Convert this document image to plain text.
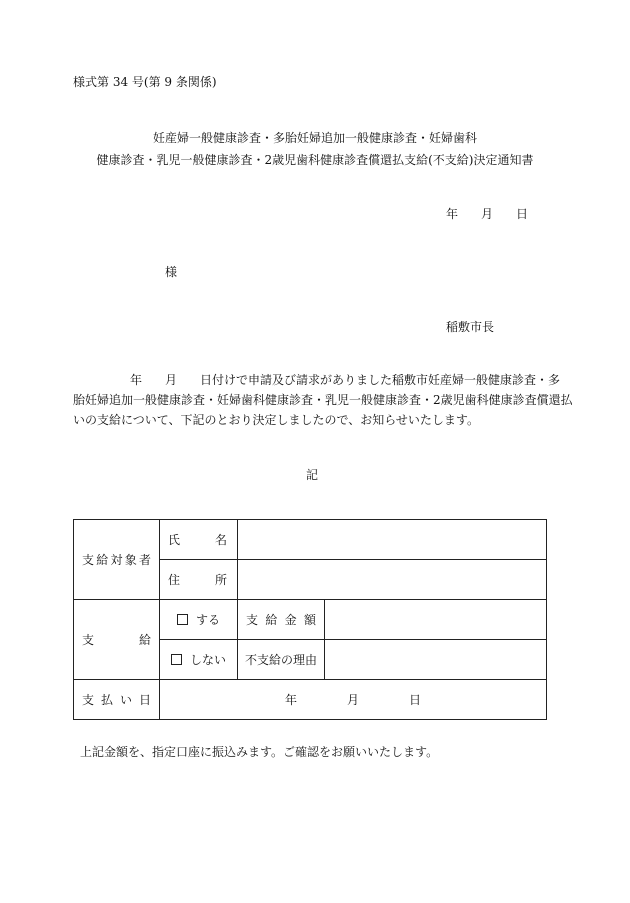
様式第 34 号(第 9 条関係)
妊産婦一般健康診査・多胎妊婦追加一般健康診査・妊婦歯科
健康診査・乳児一般健康診査・2歳児歯科健康診査償還払支給(不支給)決定通知書
年 月 日
様
稲敷市長
年 月 日付けで申請及び請求がありました稲敷市妊産婦一般健康診査・多
胎妊婦追加一般健康診査・妊婦歯科健康診査・乳児一般健康診査・2歳児歯科健康診査償還払
いの支給について、下記のとおり決定しましたので、お知らせいたします。
記
支 給 対 象 者	氏 名		

	住 所		

支 給	する	支 給 金 額	

	しない	不支給の理由	

支 払 い 日	年 月 日		
上記金額を、指定口座に振込みます。ご確認をお願いいたします。
